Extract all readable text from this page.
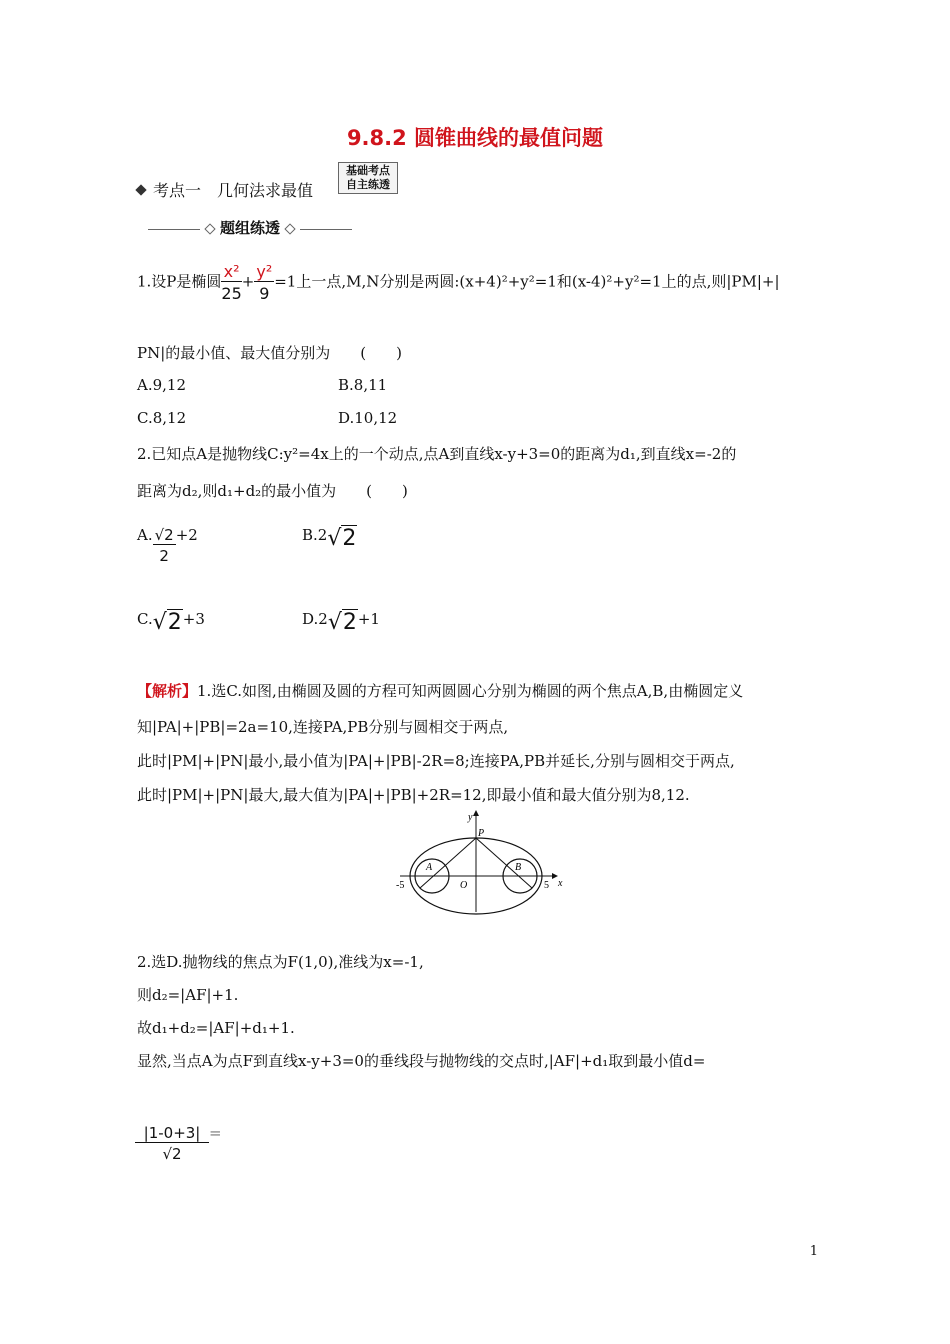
9.8.2 圆锥曲线的最值问题
考点一　几何法求最值
基础考点
自主练透
题组练透
1.设P是椭圆 $\frac{\text{x²}}{25} + \frac{\text{y²}}{9} =1$上一点,M,N分别是两圆:(x+4)²+y²=1和(x-4)²+y²=1上的点,则|PM|+|
PN|的最小值、最大值分别为　　(　　)
A.9,12	B.8,11
C.8,12	D.10,12
2.已知点A是抛物线C:y²=4x上的一个动点,点A到直线x-y+3=0的距离为d₁,到直线x=-2的
距离为d₂,则d₁+d₂的最小值为　　(　　)
A. $\frac{√2}{2} +2$	B.2√2
C.√2+3	D.2√2+1
【解析】1.选C.如图,由椭圆及圆的方程可知两圆圆心分别为椭圆的两个焦点A,B,由椭圆定义
知|PA|+|PB|=2a=10,连接PA,PB分别与圆相交于两点,
此时|PM|+|PN|最小,最小值为|PA|+|PB|-2R=8;连接PA,PB并延长,分别与圆相交于两点,
此时|PM|+|PN|最大,最大值为|PA|+|PB|+2R=12,即最小值和最大值分别为8,12.
y
P
A	B
O
-5	5 x
2.选D.抛物线的焦点为F(1,0),准线为x=-1,
则d₂=|AF|+1.
故d₁+d₂=|AF|+d₁+1.
显然,当点A为点F到直线x-y+3=0的垂线段与抛物线的交点时,|AF|+d₁取到最小值d=
$\frac{|1-0+3|}{√2}$ =
1
